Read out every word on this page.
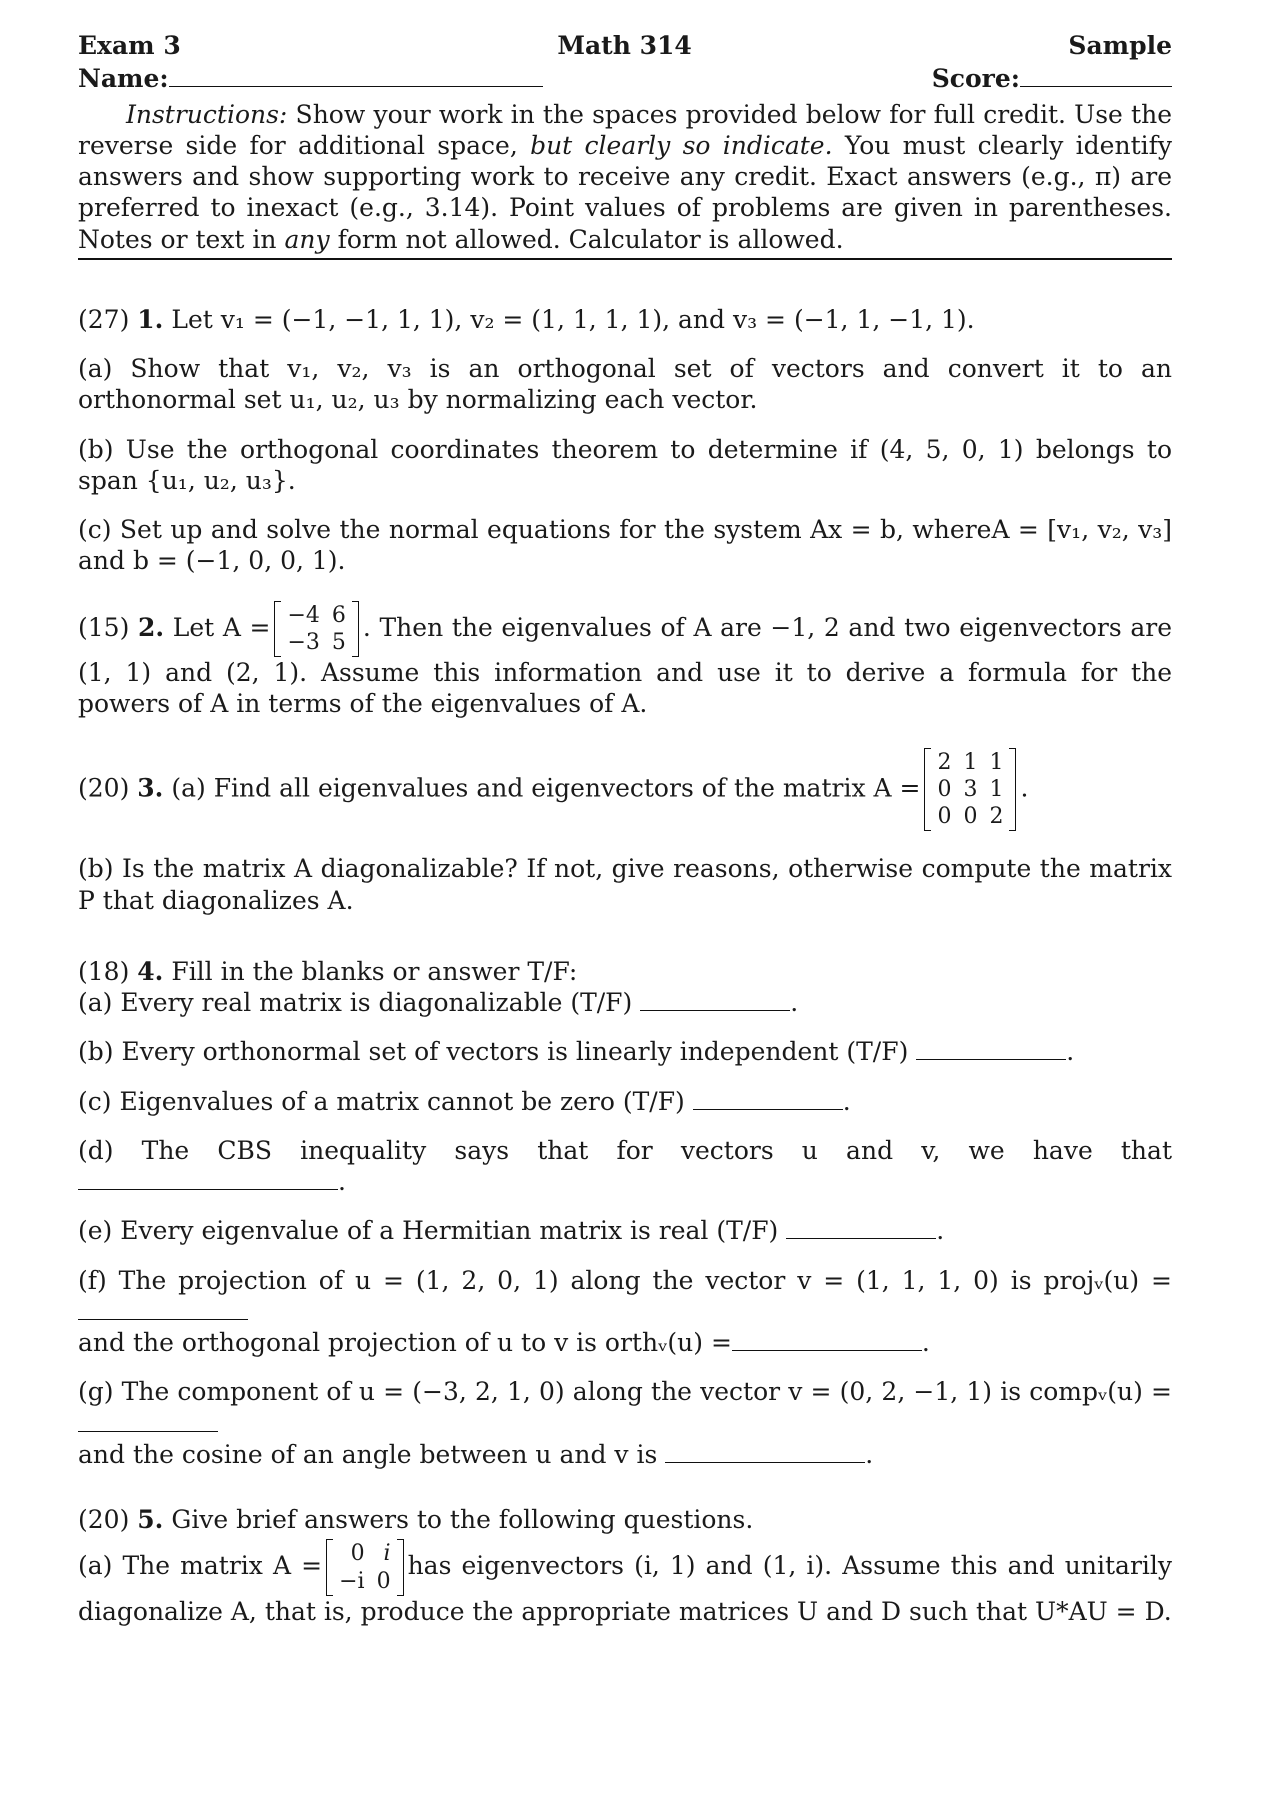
Exam 3	Math 314	Sample
Name:	Score:

Instructions: Show your work in the spaces provided below for full credit. Use the reverse side for additional space, but clearly so indicate. You must clearly identify answers and show supporting work to receive any credit. Exact answers (e.g., π) are preferred to inexact (e.g., 3.14). Point values of problems are given in parentheses. Notes or text in any form not allowed. Calculator is allowed.

(27) 1. Let v₁ = (−1, −1, 1, 1), v₂ = (1, 1, 1, 1), and v₃ = (−1, 1, −1, 1).

(a) Show that v₁, v₂, v₃ is an orthogonal set of vectors and convert it to an orthonormal set u₁, u₂, u₃ by normalizing each vector.

(b) Use the orthogonal coordinates theorem to determine if (4, 5, 0, 1) belongs to span {u₁, u₂, u₃}.

(c) Set up and solve the normal equations for the system Ax = b, whereA = [v₁, v₂, v₃] and b = (−1, 0, 0, 1).

(15) 2. Let A = −4 6
−3 5
. Then the eigenvalues of A are −1, 2 and two eigenvectors are (1, 1) and (2, 1). Assume this information and use it to derive a formula for the powers of A in terms of the eigenvalues of A.

(20) 3. (a) Find all eigenvalues and eigenvectors of the matrix A =
2 1 1
0 3 1
0 0 2
.

(b) Is the matrix A diagonalizable? If not, give reasons, otherwise compute the matrix P that diagonalizes A.

(18) 4. Fill in the blanks or answer T/F:

(a) Every real matrix is diagonalizable (T/F)	.

(b) Every orthonormal set of vectors is linearly independent (T/F)	.

(c) Eigenvalues of a matrix cannot be zero (T/F)	.

(d) The CBS inequality says that for vectors u and v, we have that .

(e) Every eigenvalue of a Hermitian matrix is real (T/F)	.

(f) The projection of u = (1, 2, 0, 1) along the vector v = (1, 1, 1, 0) is projᵥ(u) =
and the orthogonal projection of u to v is orthᵥ(u) =	.

(g) The component of u = (−3, 2, 1, 0) along the vector v = (0, 2, −1, 1) is compᵥ(u) =
and the cosine of an angle between u and v is	.

(20) 5. Give brief answers to the following questions.

(a) The matrix A =	0 i
−i 0
has eigenvectors (i, 1) and (1, i). Assume this and unitarily diagonalize A, that is, produce the appropriate matrices U and D such that U*AU = D.
